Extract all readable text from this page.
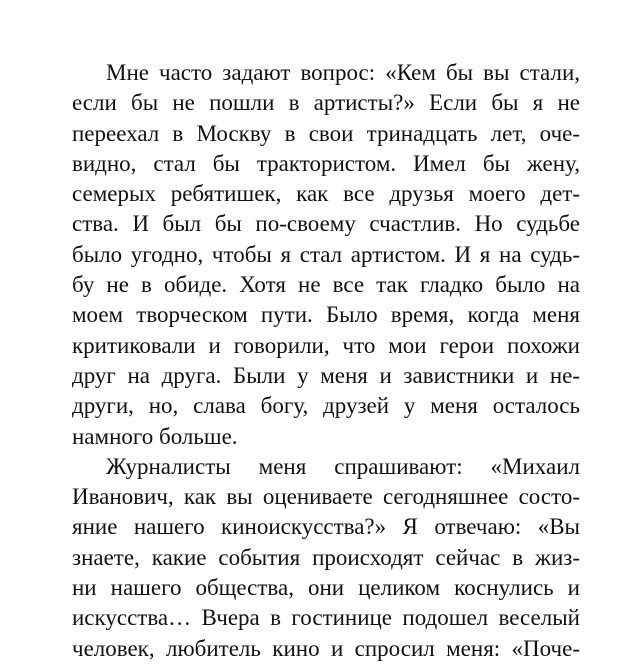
Мне часто задают вопрос: «Кем бы вы стали,
если бы не пошли в артисты?» Если бы я не
переехал в Москву в свои тринадцать лет, оче-
видно, стал бы трактористом. Имел бы жену,
семерых ребятишек, как все друзья моего дет-
ства. И был бы по-своему счастлив. Но судьбе
было угодно, чтобы я стал артистом. И я на судь-
бу не в обиде. Хотя не все так гладко было на
моем творческом пути. Было время, когда меня
критиковали и говорили, что мои герои похожи
друг на друга. Были у меня и завистники и не-
други, но, слава богу, друзей у меня осталось
намного больше.
Журналисты меня спрашивают: «Михаил
Иванович, как вы оцениваете сегодняшнее состо-
яние нашего киноискусства?» Я отвечаю: «Вы
знаете, какие события происходят сейчас в жиз-
ни нашего общества, они целиком коснулись и
искусства… Вчера в гостинице подошел веселый
человек, любитель кино и спросил меня: «Поче-
